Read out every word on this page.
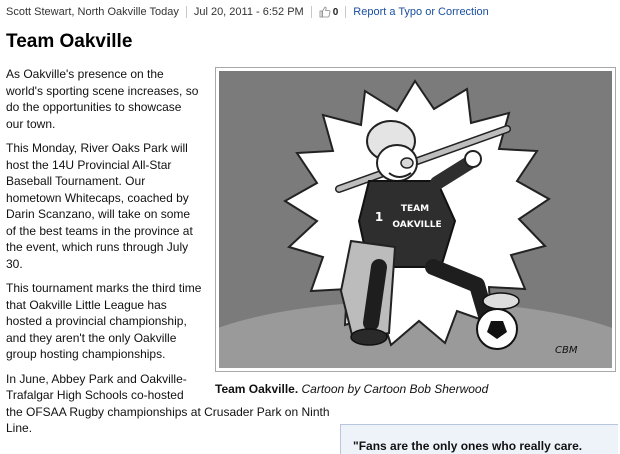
Scott Stewart, North Oakville Today Jul 20, 2011 - 6:52 PM	0 Report a Typo or Correction
Team Oakville

As Oakville's presence on the world's sporting scene increases, so do the opportunities to showcase our town.

This Monday, River Oaks Park will host the 14U Provincial All-Star Baseball Tournament. Our hometown Whitecaps, coached by Darin Scanzano, will take on some of the best teams in the province at the event, which runs through July 30.

This tournament marks the third time that Oakville Little League has hosted a provincial championship, and they aren't the only Oakville group hosting championships.

In June, Abbey Park and Oakville-Trafalgar High Schools co-hosted

the OFSAA Rugby championships at Crusader Park on Ninth Line.

TEAM
OAKVILLE
1
CBM
Team Oakville. Cartoon by Cartoon Bob Sherwood
"Fans are the only ones who really care.
